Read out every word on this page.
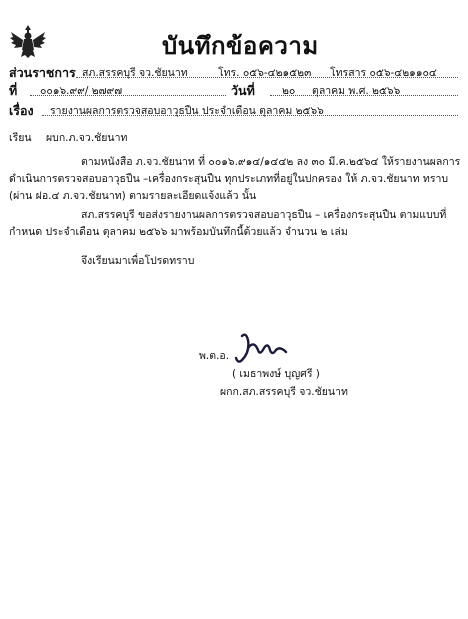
บันทึกข้อความ
ส่วนราชการ สภ.สรรคบุรี จว.ชัยนาท	โทร. ๐๕๖-๔๒๑๕๒๓ โทรสาร ๐๕๖-๔๒๑๑๐๔
ที่ ๐๐๑๖.๙๙/ ๒๗๙๗	วันที่	๒๐ ตุลาคม พ.ศ. ๒๕๖๖
เรื่อง รายงานผลการตรวจสอบอาวุธปืน ประจำเดือน ตุลาคม ๒๕๖๖
เรียน ผบก.ภ.จว.ชัยนาท
ตามหนังสือ ภ.จว.ชัยนาท ที่ ๐๐๑๖.๙๑๔/๑๔๔๒ ลง ๓๐ มี.ค.๒๕๖๔ ให้รายงานผลการ
ดำเนินการตรวจสอบอาวุธปืน –เครื่องกระสุนปืน ทุกประเภทที่อยู่ในปกครอง ให้ ภ.จว.ชัยนาท ทราบ
(ผ่าน ฝอ.๔ ภ.จว.ชัยนาท) ตามรายละเอียดแจ้งแล้ว นั้น
สภ.สรรคบุรี ขอส่งรายงานผลการตรวจสอบอาวุธปืน – เครื่องกระสุนปืน ตามแบบที่
กำหนด ประจำเดือน ตุลาคม ๒๕๖๖ มาพร้อมบันทึกนี้ด้วยแล้ว จำนวน ๒ เล่ม
จึงเรียนมาเพื่อโปรดทราบ
พ.ต.อ.
( เมธาพงษ์ บุญศรี )
ผกก.สภ.สรรคบุรี จว.ชัยนาท
